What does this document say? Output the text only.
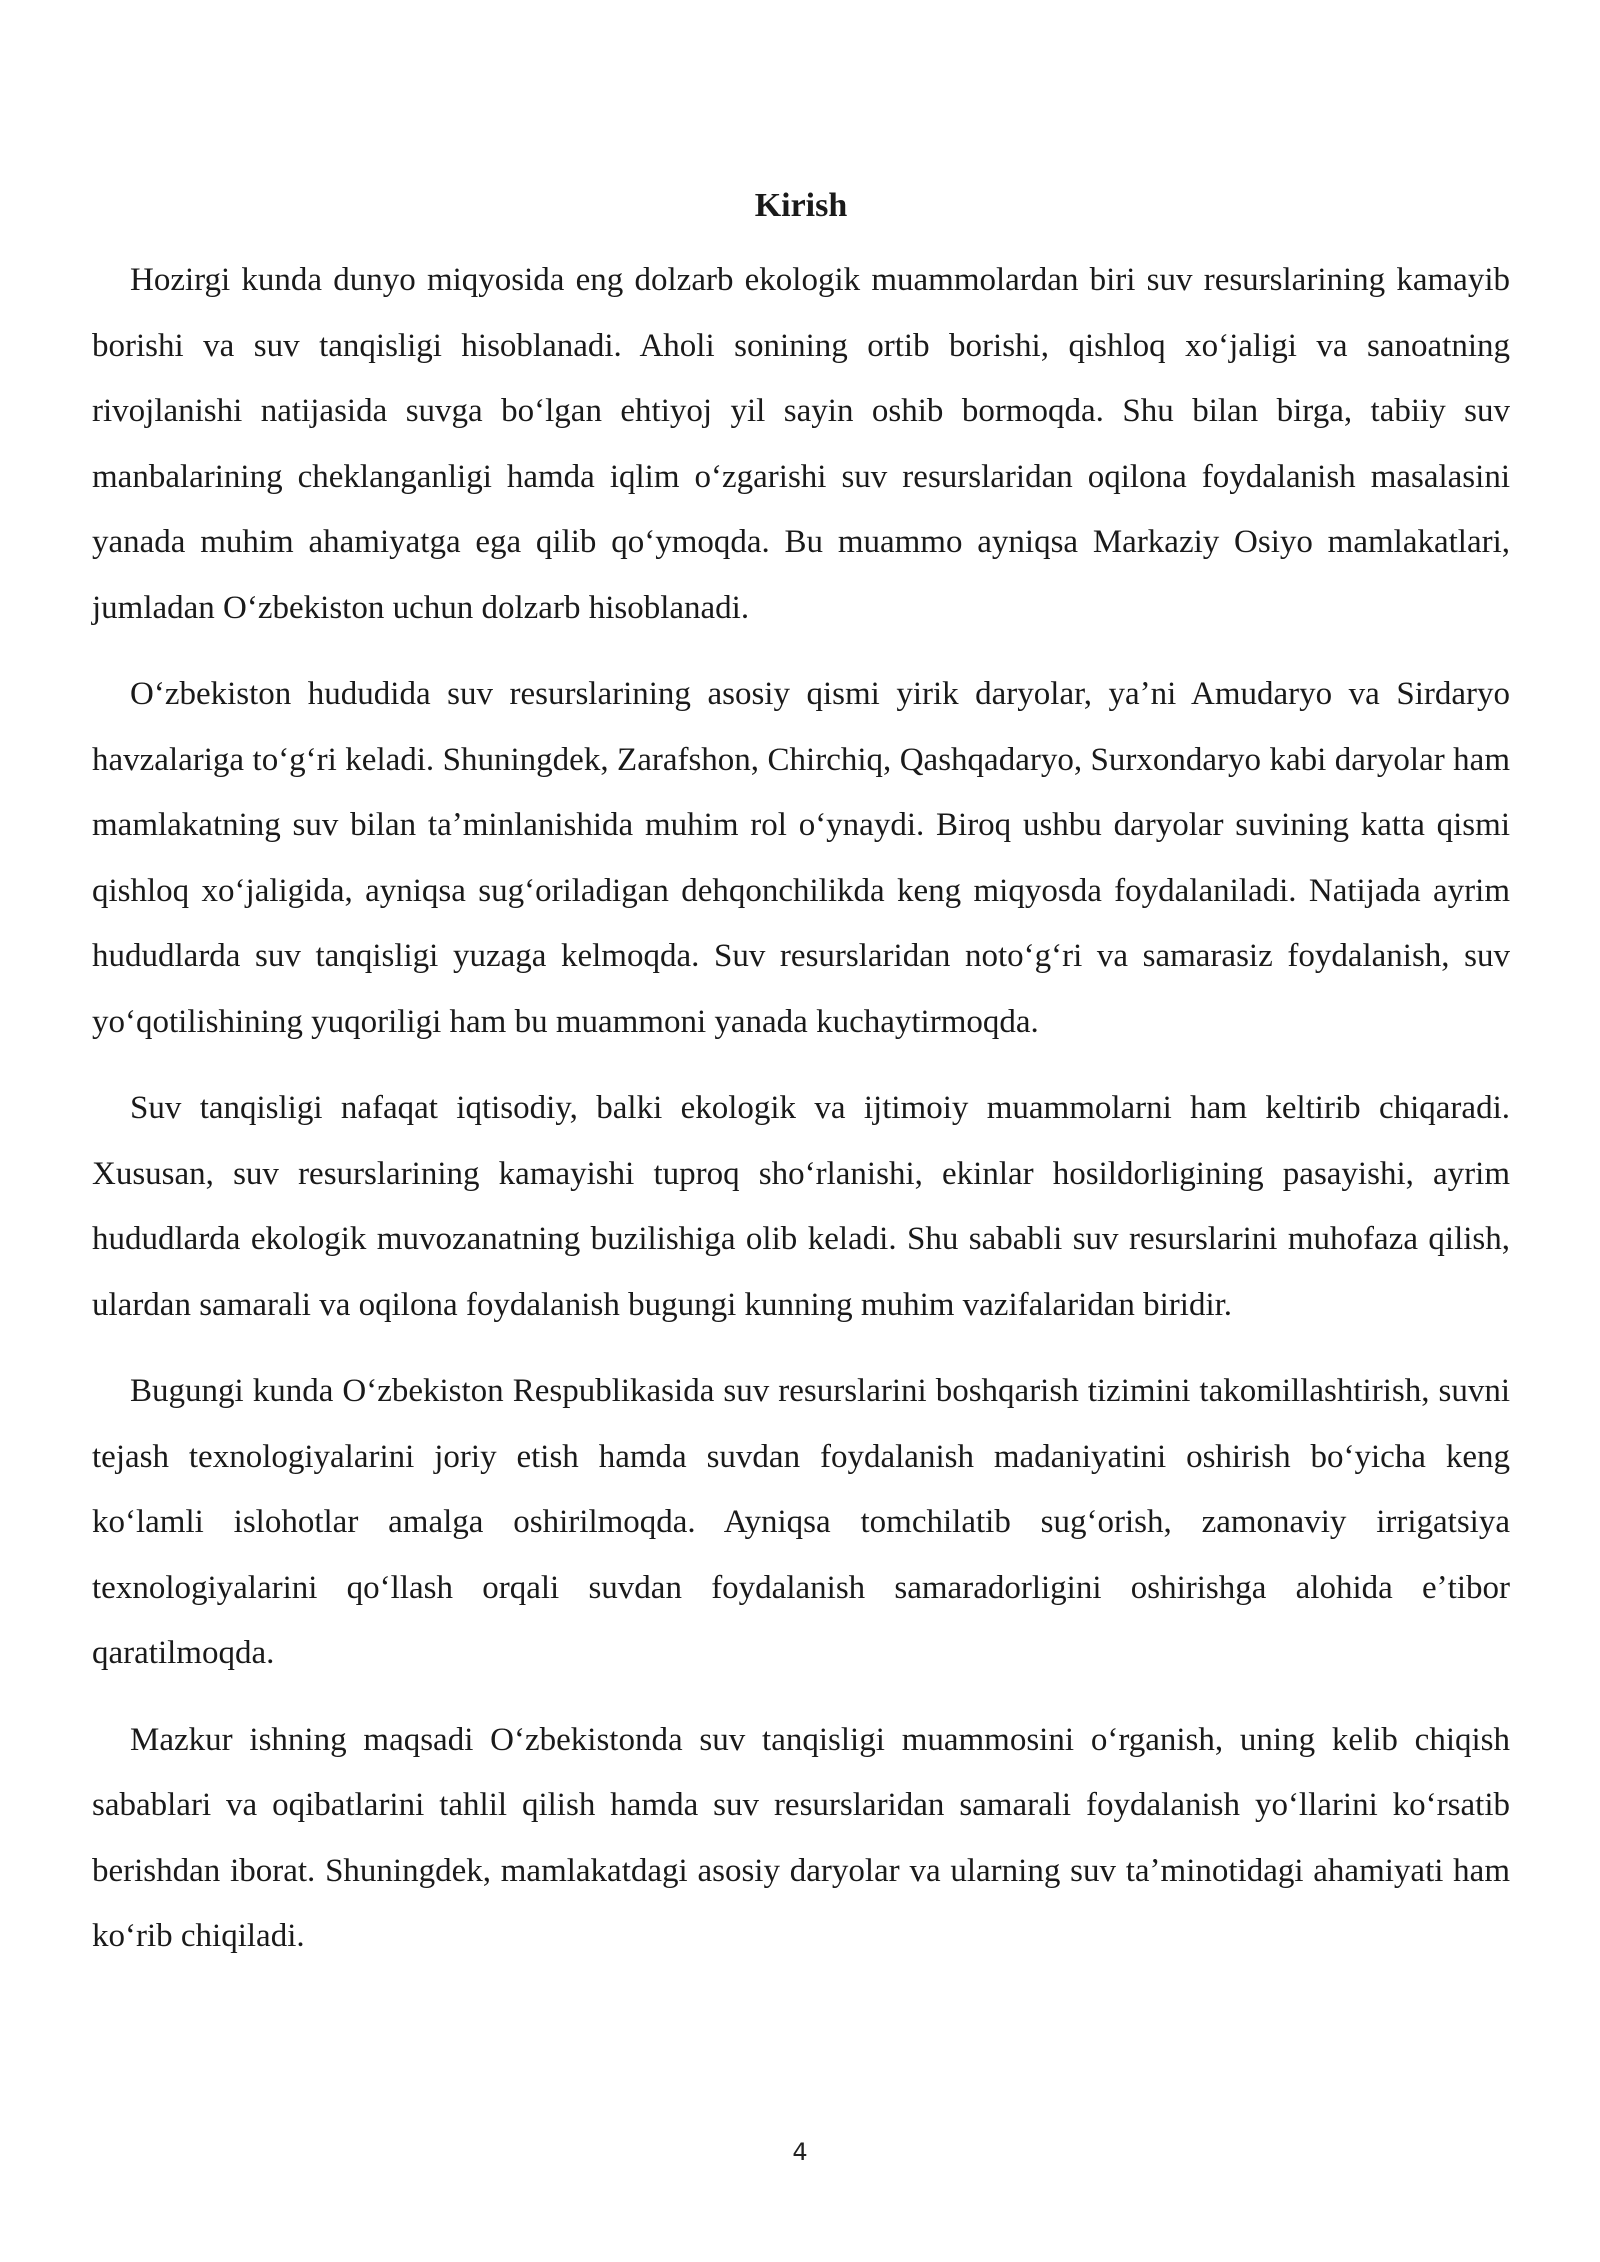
Kirish

Hozirgi kunda dunyo miqyosida eng dolzarb ekologik muammolardan biri suv resurslarining kamayib borishi va suv tanqisligi hisoblanadi. Aholi sonining ortib borishi, qishloq xoʻjaligi va sanoatning rivojlanishi natijasida suvga boʻlgan ehtiyoj yil sayin oshib bormoqda. Shu bilan birga, tabiiy suv manbalarining cheklanganligi hamda iqlim oʻzgarishi suv resurslaridan oqilona foydalanish masalasini yanada muhim ahamiyatga ega qilib qoʻymoqda. Bu muammo ayniqsa Markaziy Osiyo mamlakatlari, jumladan Oʻzbekiston uchun dolzarb hisoblanadi.

Oʻzbekiston hududida suv resurslarining asosiy qismi yirik daryolar, yaʼni Amudaryo va Sirdaryo havzalariga toʻgʻri keladi. Shuningdek, Zarafshon, Chirchiq, Qashqadaryo, Surxondaryo kabi daryolar ham mamlakatning suv bilan taʼminlanishida muhim rol oʻynaydi. Biroq ushbu daryolar suvining katta qismi qishloq xoʻjaligida, ayniqsa sugʻoriladigan dehqonchilikda keng miqyosda foydalaniladi. Natijada ayrim hududlarda suv tanqisligi yuzaga kelmoqda. Suv resurslaridan notoʻgʻri va samarasiz foydalanish, suv yoʻqotilishining yuqoriligi ham bu muammoni yanada kuchaytirmoqda.

Suv tanqisligi nafaqat iqtisodiy, balki ekologik va ijtimoiy muammolarni ham keltirib chiqaradi. Xususan, suv resurslarining kamayishi tuproq shoʻrlanishi, ekinlar hosildorligining pasayishi, ayrim hududlarda ekologik muvozanatning buzilishiga olib keladi. Shu sababli suv resurslarini muhofaza qilish, ulardan samarali va oqilona foydalanish bugungi kunning muhim vazifalaridan biridir.

Bugungi kunda Oʻzbekiston Respublikasida suv resurslarini boshqarish tizimini takomillashtirish, suvni tejash texnologiyalarini joriy etish hamda suvdan foydalanish madaniyatini oshirish boʻyicha keng koʻlamli islohotlar amalga oshirilmoqda. Ayniqsa tomchilatib sugʻorish, zamonaviy irrigatsiya texnologiyalarini qoʻllash orqali suvdan foydalanish samaradorligini oshirishga alohida eʼtibor qaratilmoqda.

Mazkur ishning maqsadi Oʻzbekistonda suv tanqisligi muammosini oʻrganish, uning kelib chiqish sabablari va oqibatlarini tahlil qilish hamda suv resurslaridan samarali foydalanish yoʻllarini koʻrsatib berishdan iborat. Shuningdek, mamlakatdagi asosiy daryolar va ularning suv taʼminotidagi ahamiyati ham koʻrib chiqiladi.

4
